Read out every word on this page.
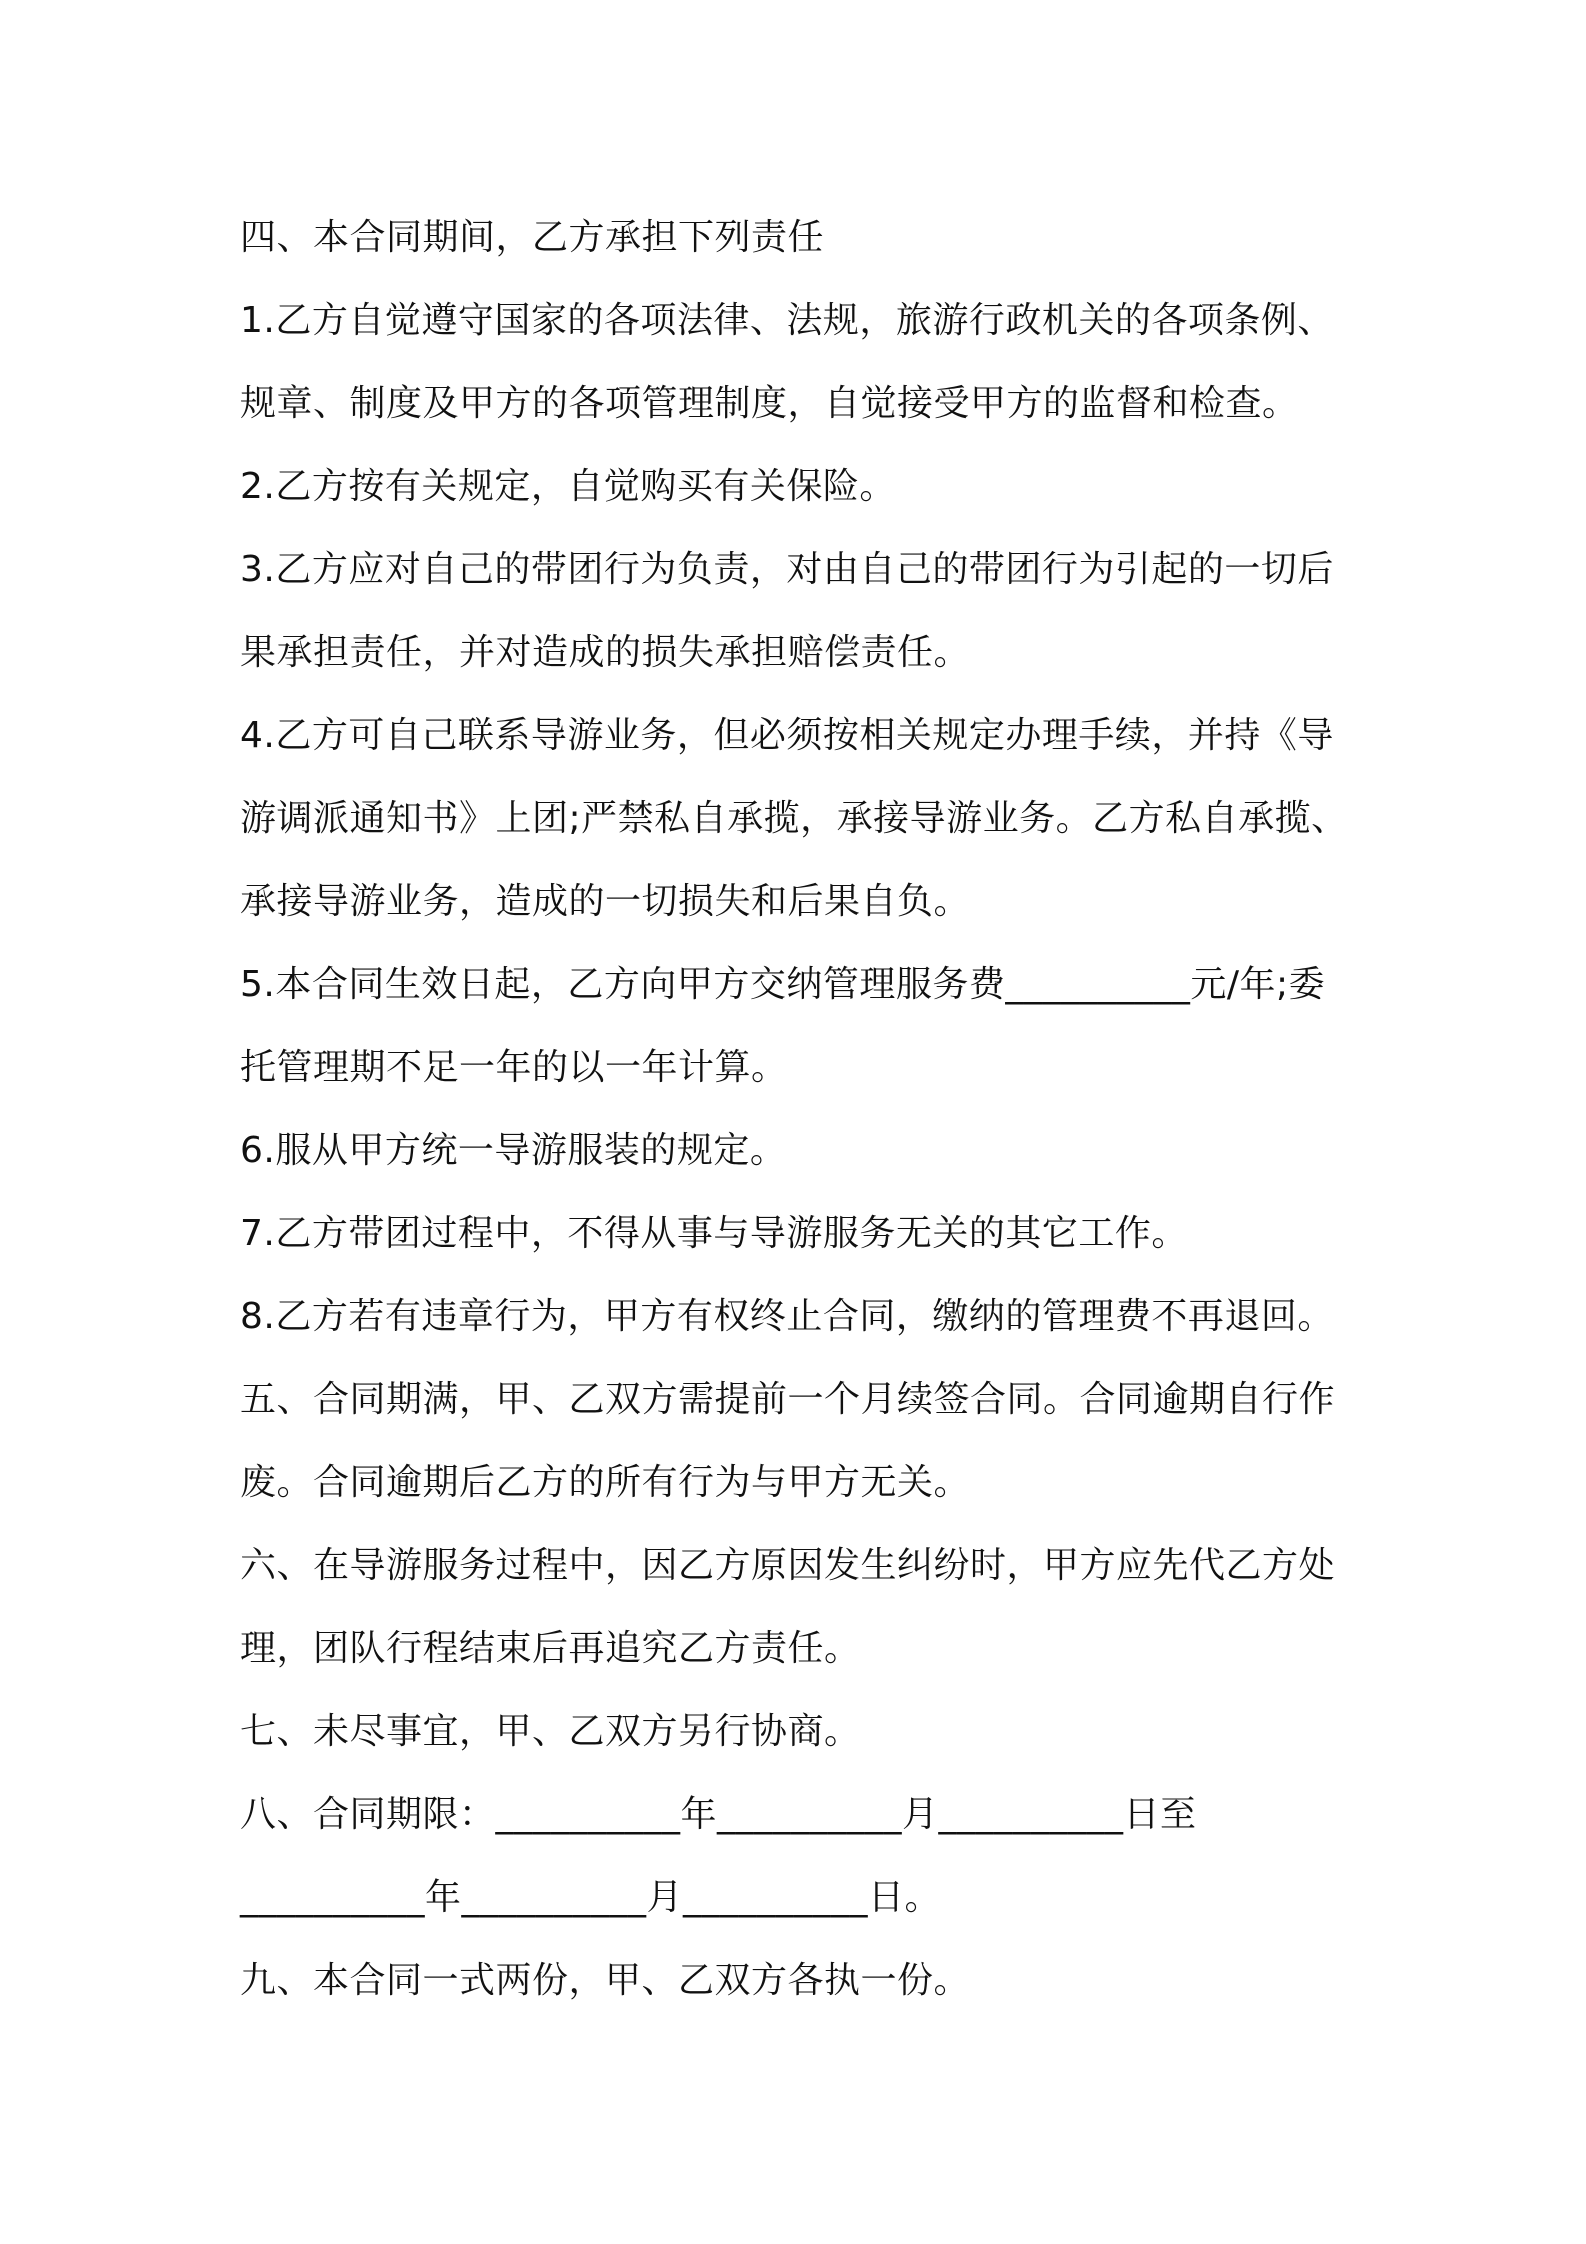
四、本合同期间，乙方承担下列责任
1.乙方自觉遵守国家的各项法律、法规，旅游行政机关的各项条例、
规章、制度及甲方的各项管理制度，自觉接受甲方的监督和检查。
2.乙方按有关规定，自觉购买有关保险。
3.乙方应对自己的带团行为负责，对由自己的带团行为引起的一切后
果承担责任，并对造成的损失承担赔偿责任。
4.乙方可自己联系导游业务，但必须按相关规定办理手续，并持《导
游调派通知书》上团;严禁私自承揽，承接导游业务。乙方私自承揽、
承接导游业务，造成的一切损失和后果自负。
5.本合同生效日起，乙方向甲方交纳管理服务费__________元/年;委
托管理期不足一年的以一年计算。
6.服从甲方统一导游服装的规定。
7.乙方带团过程中，不得从事与导游服务无关的其它工作。
8.乙方若有违章行为，甲方有权终止合同，缴纳的管理费不再退回。
五、合同期满，甲、乙双方需提前一个月续签合同。合同逾期自行作
废。合同逾期后乙方的所有行为与甲方无关。
六、在导游服务过程中，因乙方原因发生纠纷时，甲方应先代乙方处
理，团队行程结束后再追究乙方责任。
七、未尽事宜，甲、乙双方另行协商。
八、合同期限：__________年__________月__________日至
__________年__________月__________日。
九、本合同一式两份，甲、乙双方各执一份。
